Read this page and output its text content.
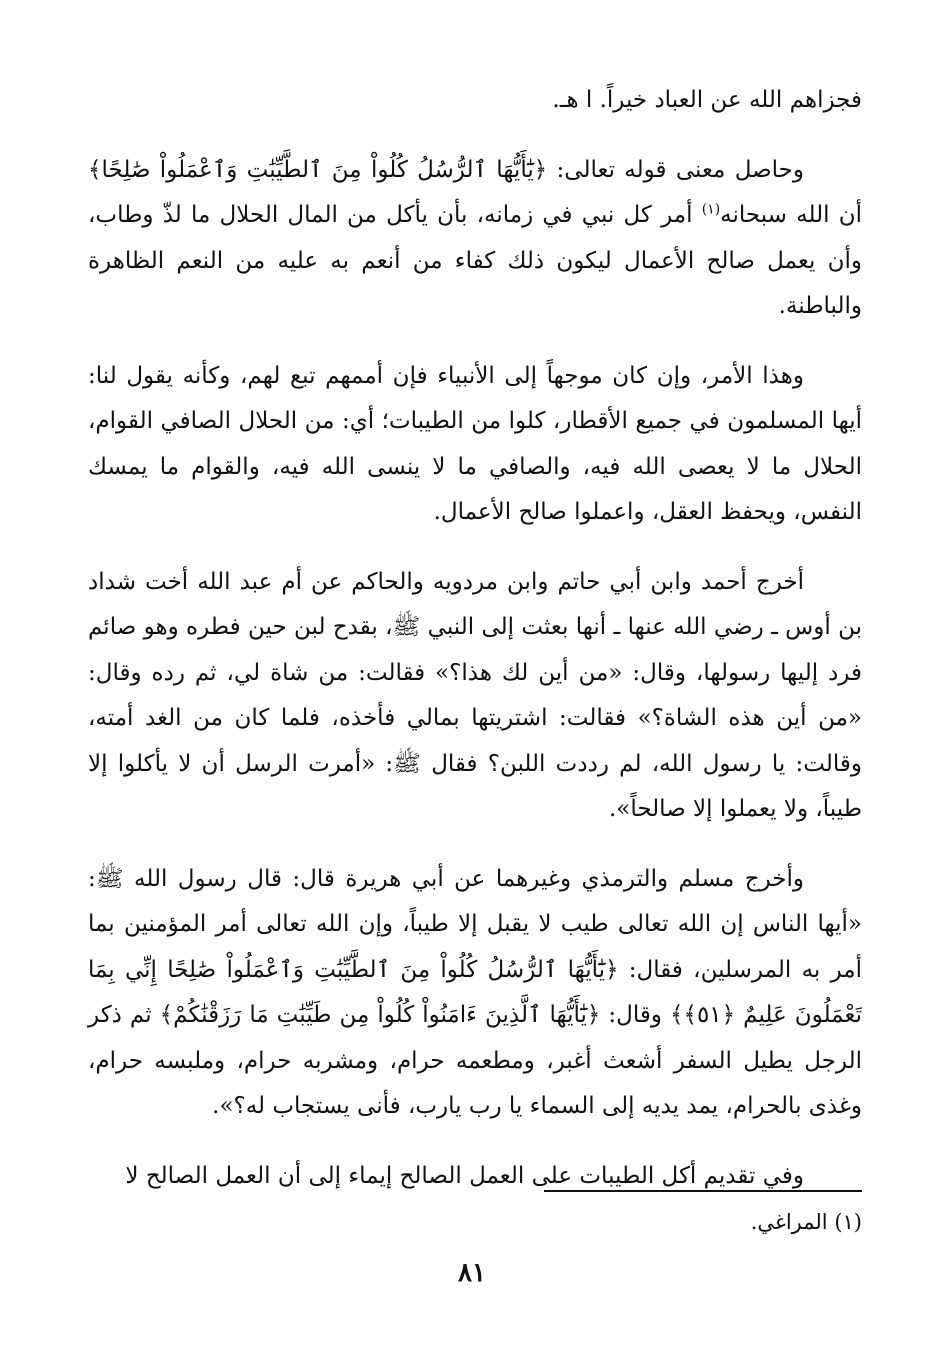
فجزاهم الله عن العباد خيراً. ا هـ.

وحاصل معنى قوله تعالى: ﴿يَٰٓأَيُّهَا ٱلرُّسُلُ كُلُواْ مِنَ ٱلطَّيِّبَٰتِ وَٱعْمَلُواْ صَٰلِحًا﴾ أن الله سبحانه$^{(١)}$ أمر كل نبي في زمانه، بأن يأكل من المال الحلال ما لذّ وطاب، وأن يعمل صالح الأعمال ليكون ذلك كفاء من أنعم به عليه من النعم الظاهرة والباطنة.

وهذا الأمر، وإن كان موجهاً إلى الأنبياء فإن أممهم تبع لهم، وكأنه يقول لنا: أيها المسلمون في جميع الأقطار، كلوا من الطيبات؛ أي: من الحلال الصافي القوام، الحلال ما لا يعصى الله فيه، والصافي ما لا ينسى الله فيه، والقوام ما يمسك النفس، ويحفظ العقل، واعملوا صالح الأعمال.

أخرج أحمد وابن أبي حاتم وابن مردويه والحاكم عن أم عبد الله أخت شداد بن أوس ـ رضي الله عنها ـ أنها بعثت إلى النبي ﷺ، بقدح لبن حين فطره وهو صائم فرد إليها رسولها، وقال: «من أين لك هذا؟» فقالت: من شاة لي، ثم رده وقال: «من أين هذه الشاة؟» فقالت: اشتريتها بمالي فأخذه، فلما كان من الغد أمته، وقالت: يا رسول الله، لم رددت اللبن؟ فقال ﷺ: «أمرت الرسل أن لا يأكلوا إلا طيباً، ولا يعملوا إلا صالحاً».

وأخرج مسلم والترمذي وغيرهما عن أبي هريرة قال: قال رسول الله ﷺ: «أيها الناس إن الله تعالى طيب لا يقبل إلا طيباً، وإن الله تعالى أمر المؤمنين بما أمر به المرسلين، فقال: ﴿يَٰٓأَيُّهَا ٱلرُّسُلُ كُلُواْ مِنَ ٱلطَّيِّبَٰتِ وَٱعْمَلُواْ صَٰلِحًا إِنِّي بِمَا تَعْمَلُونَ عَلِيمٌ ﴿٥١﴾﴾ وقال: ﴿يَٰٓأَيُّهَا ٱلَّذِينَ ءَامَنُواْ كُلُواْ مِن طَيِّبَٰتِ مَا رَزَقْنَٰكُمْ﴾ ثم ذكر الرجل يطيل السفر أشعث أغبر، ومطعمه حرام، ومشربه حرام، وملبسه حرام، وغذى بالحرام، يمد يديه إلى السماء يا رب يارب، فأنى يستجاب له؟».

وفي تقديم أكل الطيبات على العمل الصالح إيماء إلى أن العمل الصالح لا

(١) المراغي.
٨١
